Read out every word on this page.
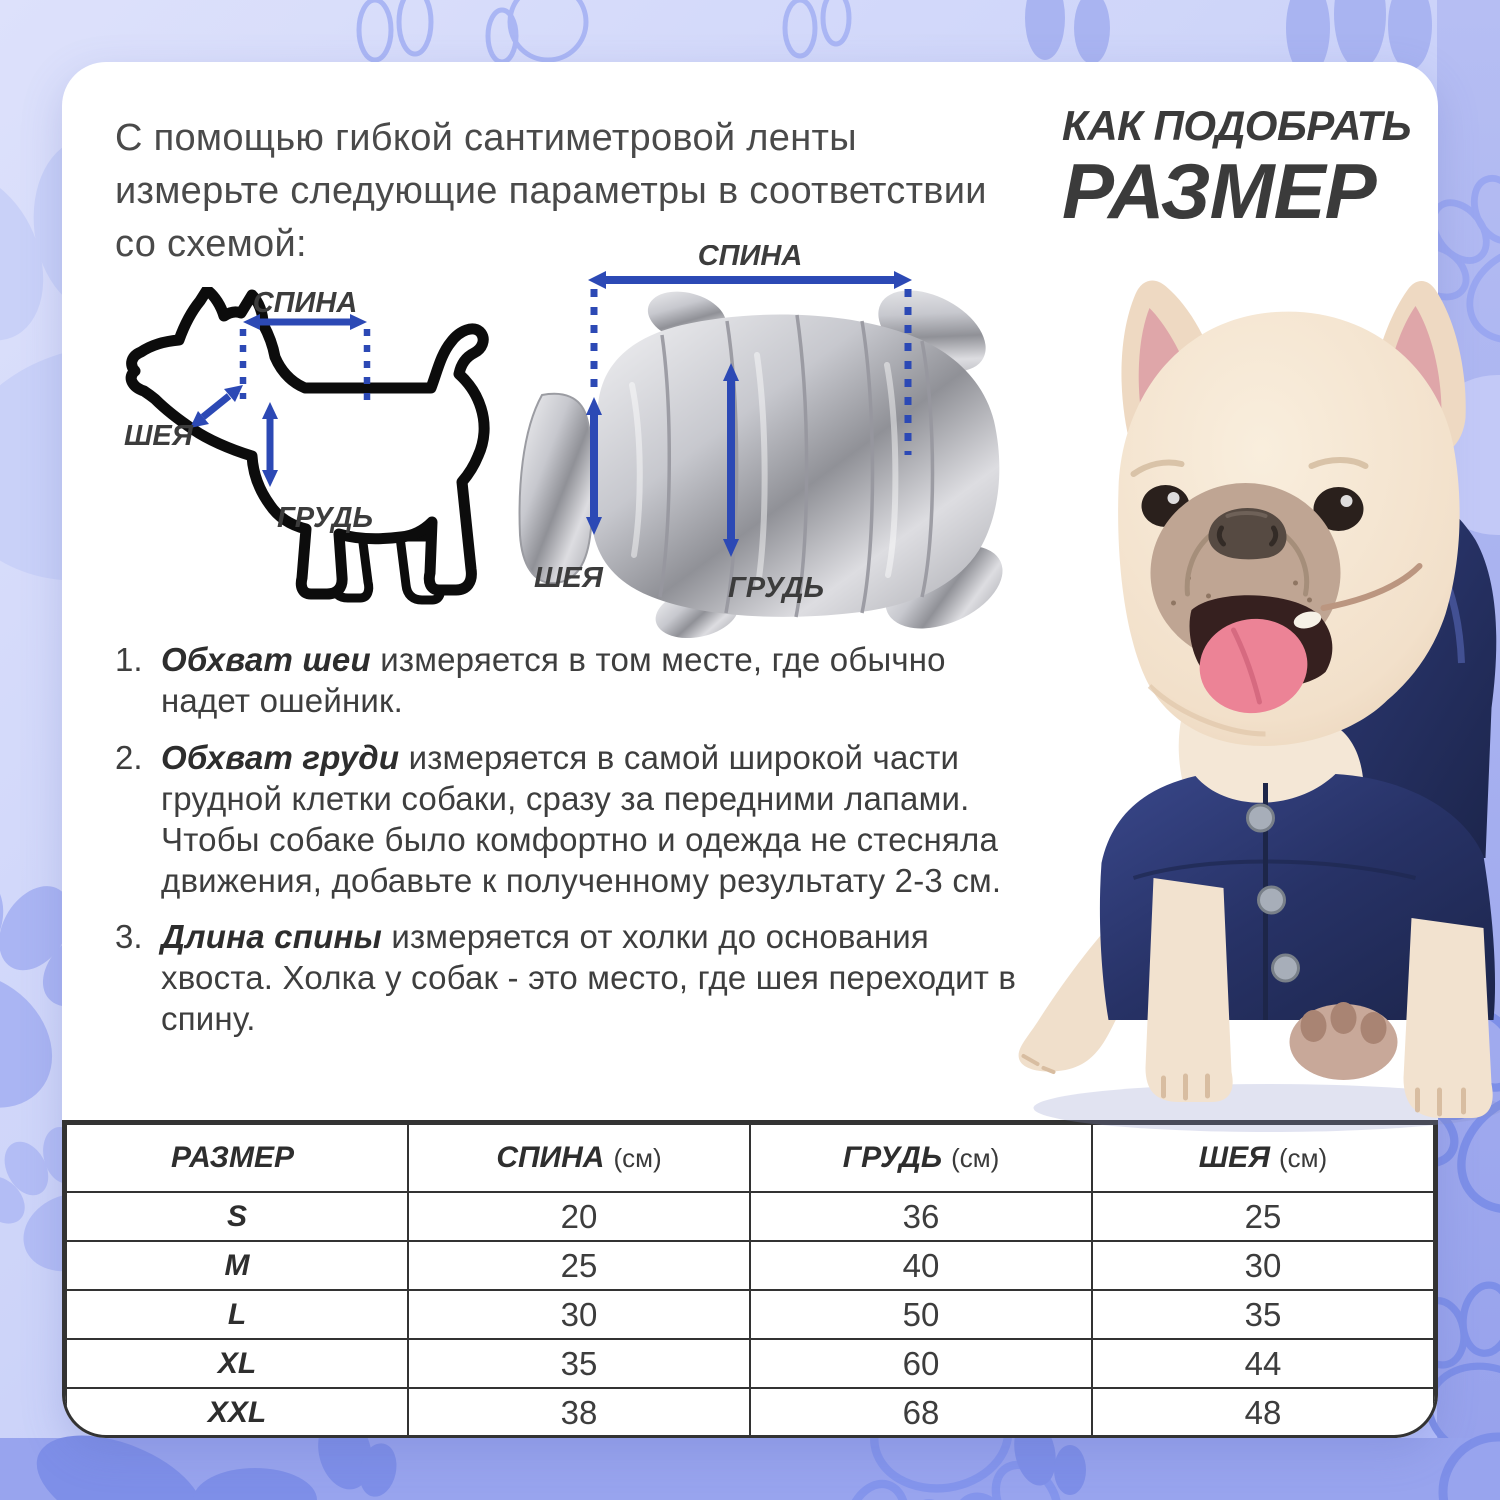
С помощью гибкой сантиметровой ленты измерьте следующие параметры в соответствии со схемой:

КАК ПОДОБРАТЬ
РАЗМЕР
СПИНА
ШЕЯ
ГРУДЬ
СПИНА
ШЕЯ	ГРУДЬ
1. Обхват шеи измеряется в том месте, где обычно надет ошейник.

2. Обхват груди измеряется в самой широкой части грудной клетки собаки, сразу за передними лапами. Чтобы собаке было комфортно и одежда не стесняла движения, добавьте к полученному результату 2-3 см.

3. Длина спины измеряется от холки до основания хвоста. Холка у собак - это место, где шея переходит в спину.

РАЗМЕР	СПИНА (см)	ГРУДЬ (см)	ШЕЯ (см)
S	20	36	25
M	25	40	30
L	30	50	35
XL	35	60	44
XXL	38	68	48
